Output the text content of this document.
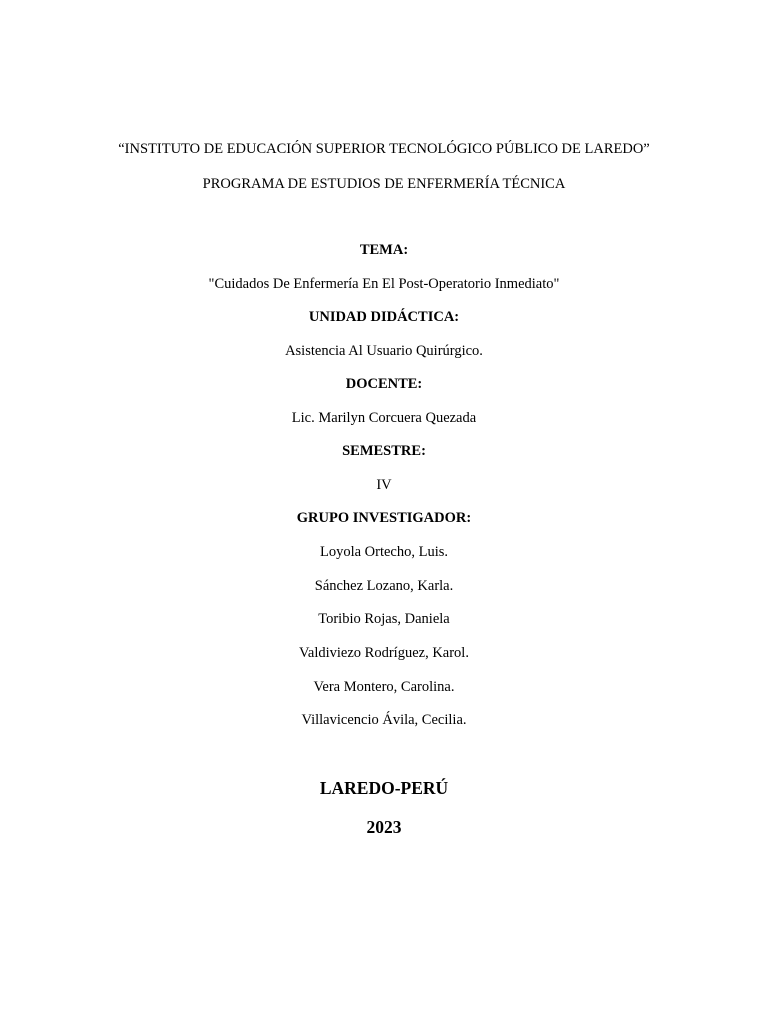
“INSTITUTO DE EDUCACIÓN SUPERIOR TECNOLÓGICO PÚBLICO DE LAREDO”
PROGRAMA DE ESTUDIOS DE ENFERMERÍA TÉCNICA
TEMA:
"Cuidados De Enfermería En El Post-Operatorio Inmediato"
UNIDAD DIDÁCTICA:
Asistencia Al Usuario Quirúrgico.
DOCENTE:
Lic. Marilyn Corcuera Quezada
SEMESTRE:
IV
GRUPO INVESTIGADOR:
Loyola Ortecho, Luis.
Sánchez Lozano, Karla.
Toribio Rojas, Daniela
Valdiviezo Rodríguez, Karol.
Vera Montero, Carolina.
Villavicencio Ávila, Cecilia.
LAREDO-PERÚ
2023
